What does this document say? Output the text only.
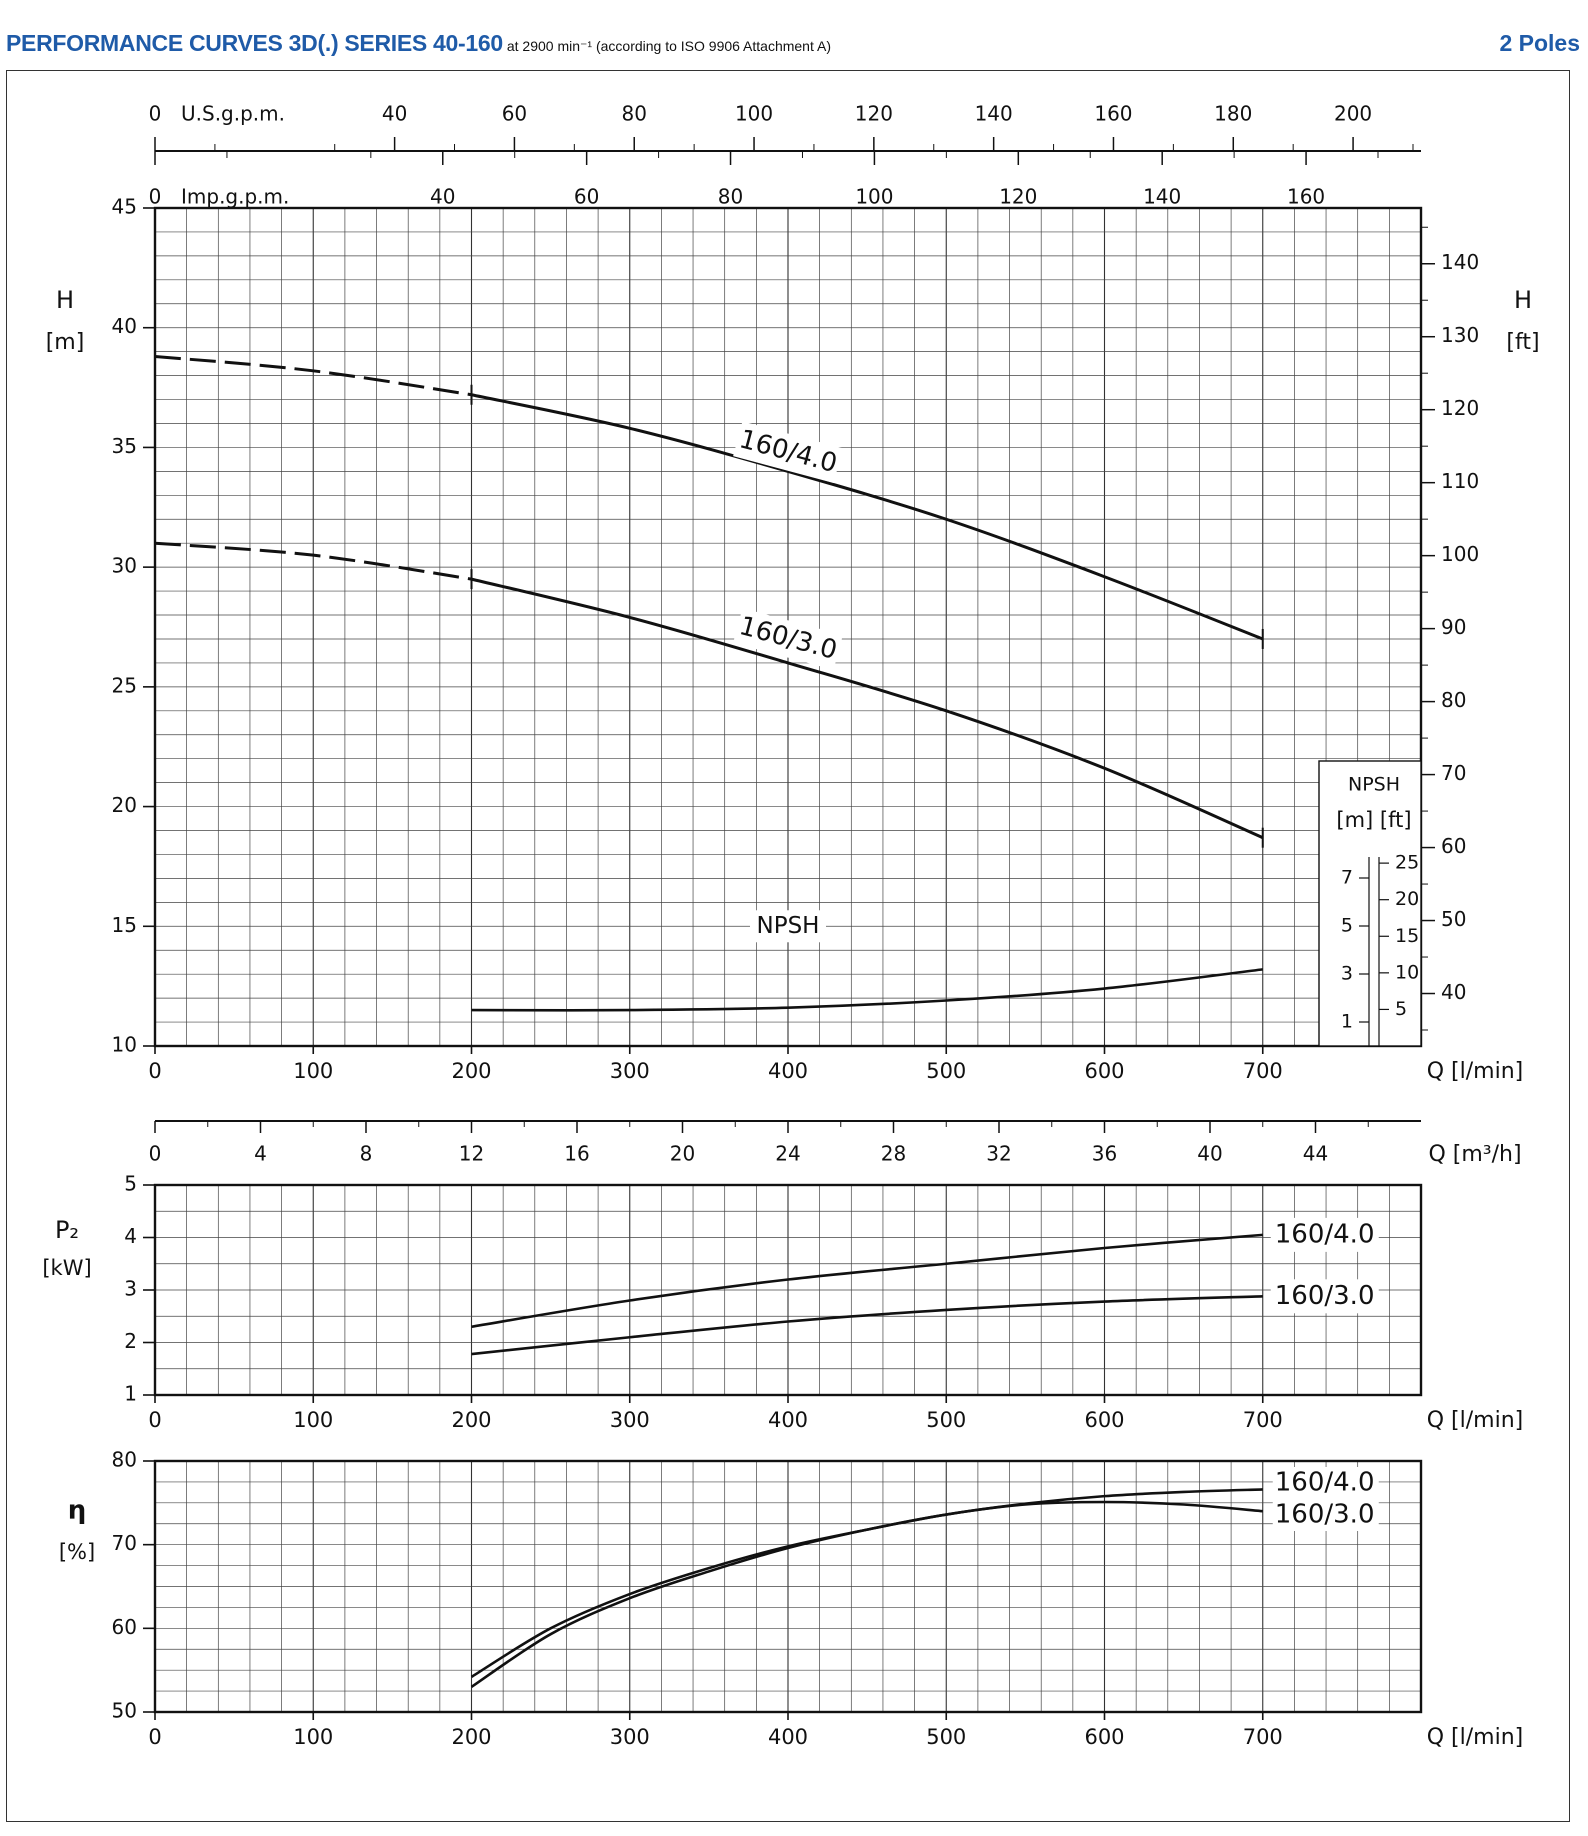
PERFORMANCE CURVES 3D(.) SERIES 40-160 at 2900 min⁻¹ (according to ISO 9906 Attachment A)	2 Poles
0	40	60	80	100	120	140	160	180	200
U.S.g.p.m.
0	40	60	80	100	120	140	160
Imp.g.p.m.
10
15
20
25
30
35
40
45
0	100	200	300	400	500	600	700
40
50
60
70
80
90
100
110
120
130
140
H
[m]
H
[ft]
Q [l/min]
NPSH
[m] [ft]
1
3
5
7
5
10
15
20
25
160/4.0
160/3.0
NPSH
0	4	8	12	16	20	24	28	32	36	40	44	Q [m³/h]
1
2
3
4
5
0	100	200	300	400	500	600	700
P₂
[kW]
Q [l/min]
160/4.0
160/3.0
50
60
70
80
0	100	200	300	400	500	600	700
η
[%]
Q [l/min]
160/4.0
160/3.0
